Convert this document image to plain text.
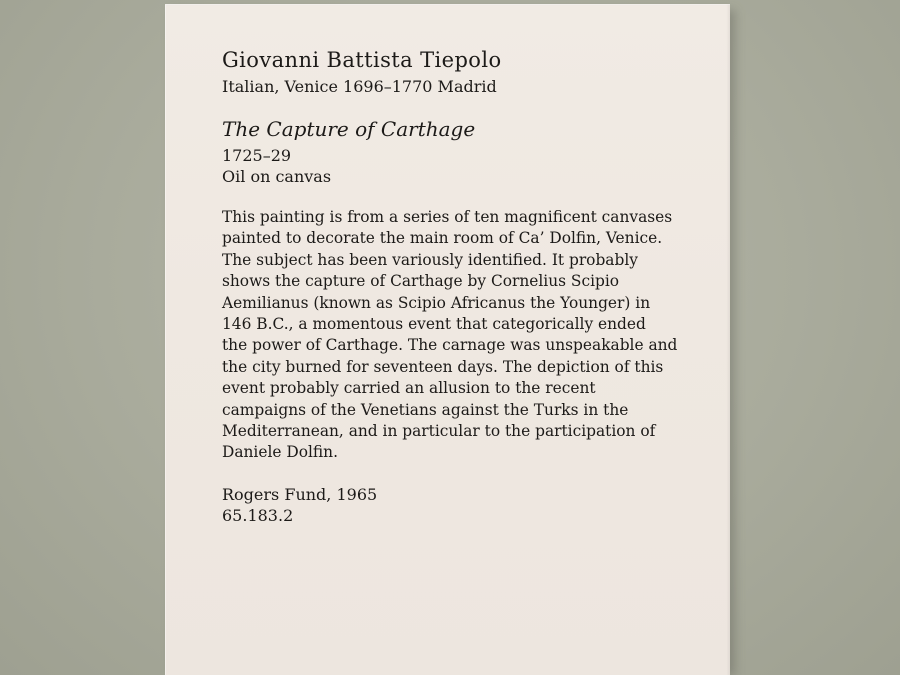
Giovanni Battista Tiepolo
Italian, Venice 1696–1770 Madrid
The Capture of Carthage
1725–29
Oil on canvas
This painting is from a series of ten magnificent canvases
painted to decorate the main room of Ca’ Dolfin, Venice.
The subject has been variously identified. It probably
shows the capture of Carthage by Cornelius Scipio
Aemilianus (known as Scipio Africanus the Younger) in
146 B.C., a momentous event that categorically ended
the power of Carthage. The carnage was unspeakable and
the city burned for seventeen days. The depiction of this
event probably carried an allusion to the recent
campaigns of the Venetians against the Turks in the
Mediterranean, and in particular to the participation of
Daniele Dolfin.
Rogers Fund, 1965
65.183.2
